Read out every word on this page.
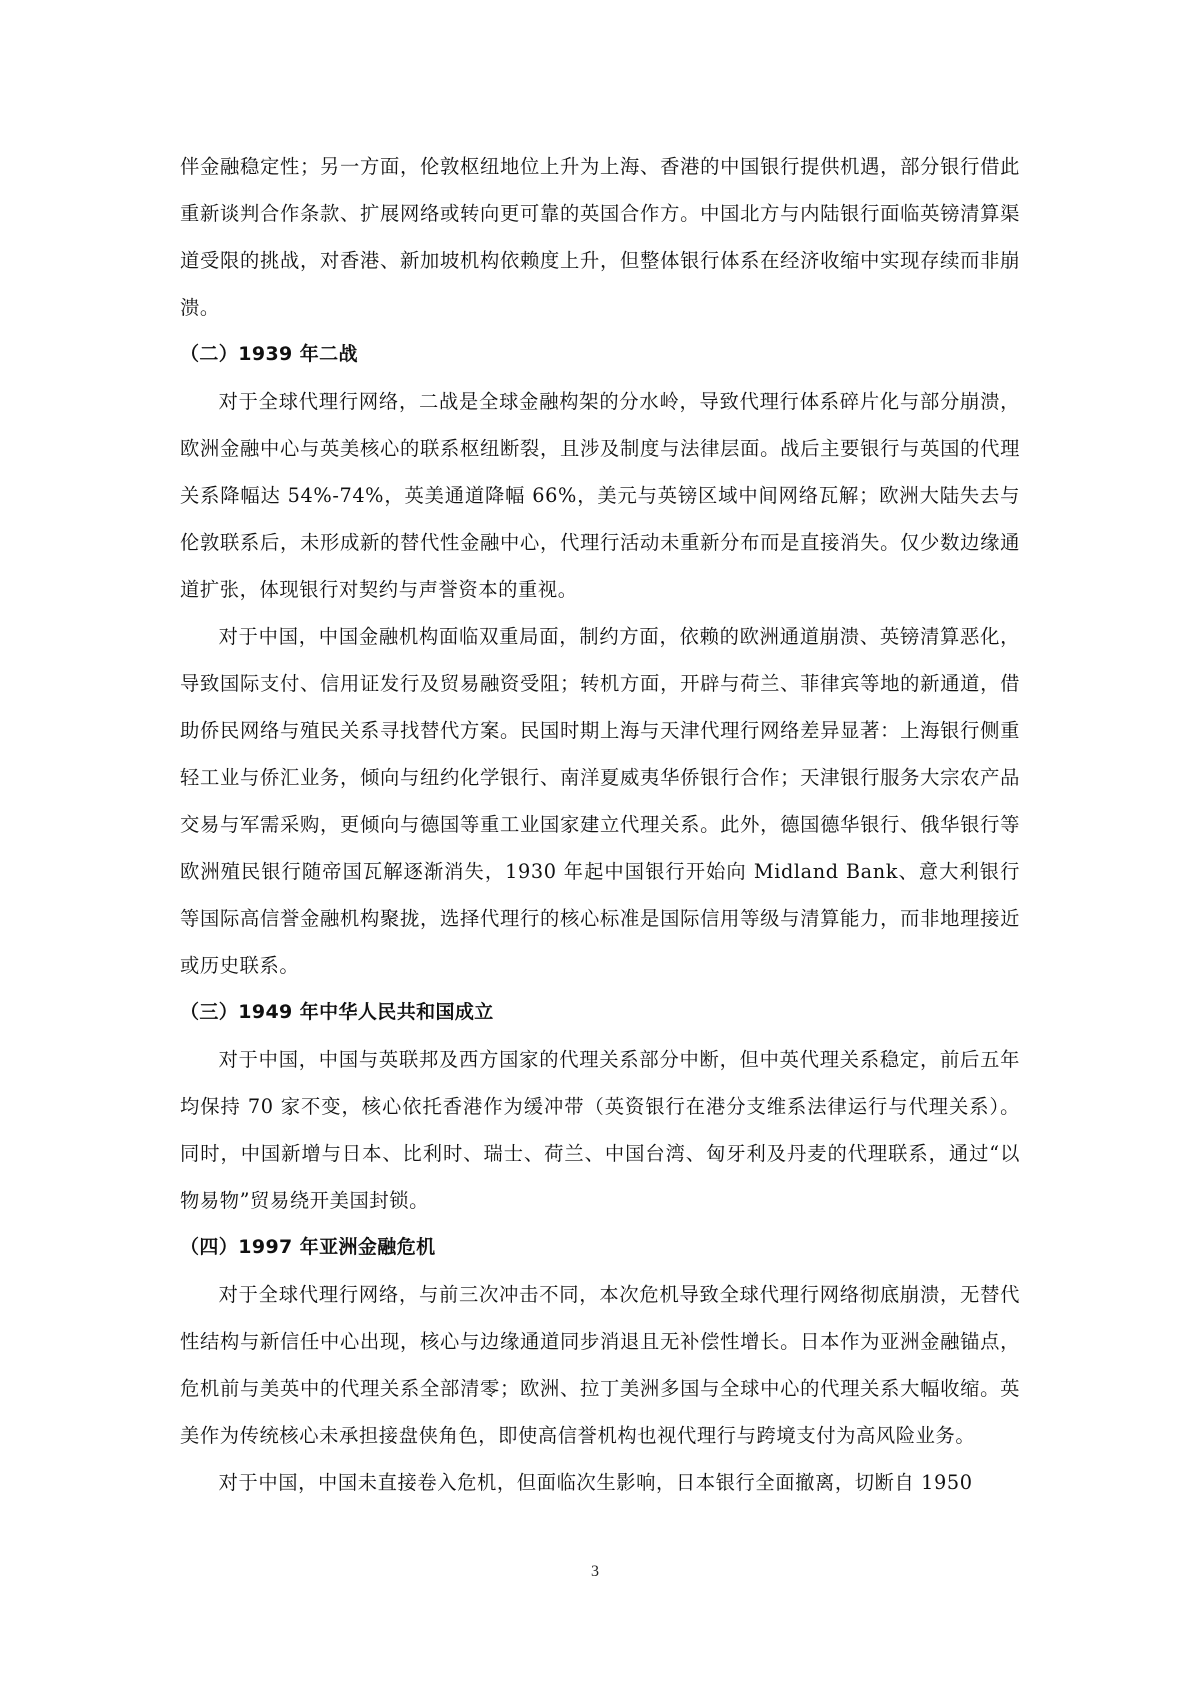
伴金融稳定性；另一方面，伦敦枢纽地位上升为上海、香港的中国银行提供机遇，部分银行借此重新谈判合作条款、扩展网络或转向更可靠的英国合作方。中国北方与内陆银行面临英镑清算渠道受限的挑战，对香港、新加坡机构依赖度上升，但整体银行体系在经济收缩中实现存续而非崩溃。

（二）1939 年二战

对于全球代理行网络，二战是全球金融构架的分水岭，导致代理行体系碎片化与部分崩溃，欧洲金融中心与英美核心的联系枢纽断裂，且涉及制度与法律层面。战后主要银行与英国的代理关系降幅达 54%-74%，英美通道降幅 66%，美元与英镑区域中间网络瓦解；欧洲大陆失去与伦敦联系后，未形成新的替代性金融中心，代理行活动未重新分布而是直接消失。仅少数边缘通道扩张，体现银行对契约与声誉资本的重视。

对于中国，中国金融机构面临双重局面，制约方面，依赖的欧洲通道崩溃、英镑清算恶化，导致国际支付、信用证发行及贸易融资受阻；转机方面，开辟与荷兰、菲律宾等地的新通道，借助侨民网络与殖民关系寻找替代方案。民国时期上海与天津代理行网络差异显著：上海银行侧重轻工业与侨汇业务，倾向与纽约化学银行、南洋夏威夷华侨银行合作；天津银行服务大宗农产品交易与军需采购，更倾向与德国等重工业国家建立代理关系。此外，德国德华银行、俄华银行等欧洲殖民银行随帝国瓦解逐渐消失，1930 年起中国银行开始向 Midland Bank、意大利银行等国际高信誉金融机构聚拢，选择代理行的核心标准是国际信用等级与清算能力，而非地理接近或历史联系。

（三）1949 年中华人民共和国成立

对于中国，中国与英联邦及西方国家的代理关系部分中断，但中英代理关系稳定，前后五年均保持 70 家不变，核心依托香港作为缓冲带（英资银行在港分支维系法律运行与代理关系）。同时，中国新增与日本、比利时、瑞士、荷兰、中国台湾、匈牙利及丹麦的代理联系，通过“以物易物”贸易绕开美国封锁。

（四）1997 年亚洲金融危机

对于全球代理行网络，与前三次冲击不同，本次危机导致全球代理行网络彻底崩溃，无替代性结构与新信任中心出现，核心与边缘通道同步消退且无补偿性增长。日本作为亚洲金融锚点，危机前与美英中的代理关系全部清零；欧洲、拉丁美洲多国与全球中心的代理关系大幅收缩。英美作为传统核心未承担接盘侠角色，即使高信誉机构也视代理行与跨境支付为高风险业务。

对于中国，中国未直接卷入危机，但面临次生影响，日本银行全面撤离，切断自 1950

3
